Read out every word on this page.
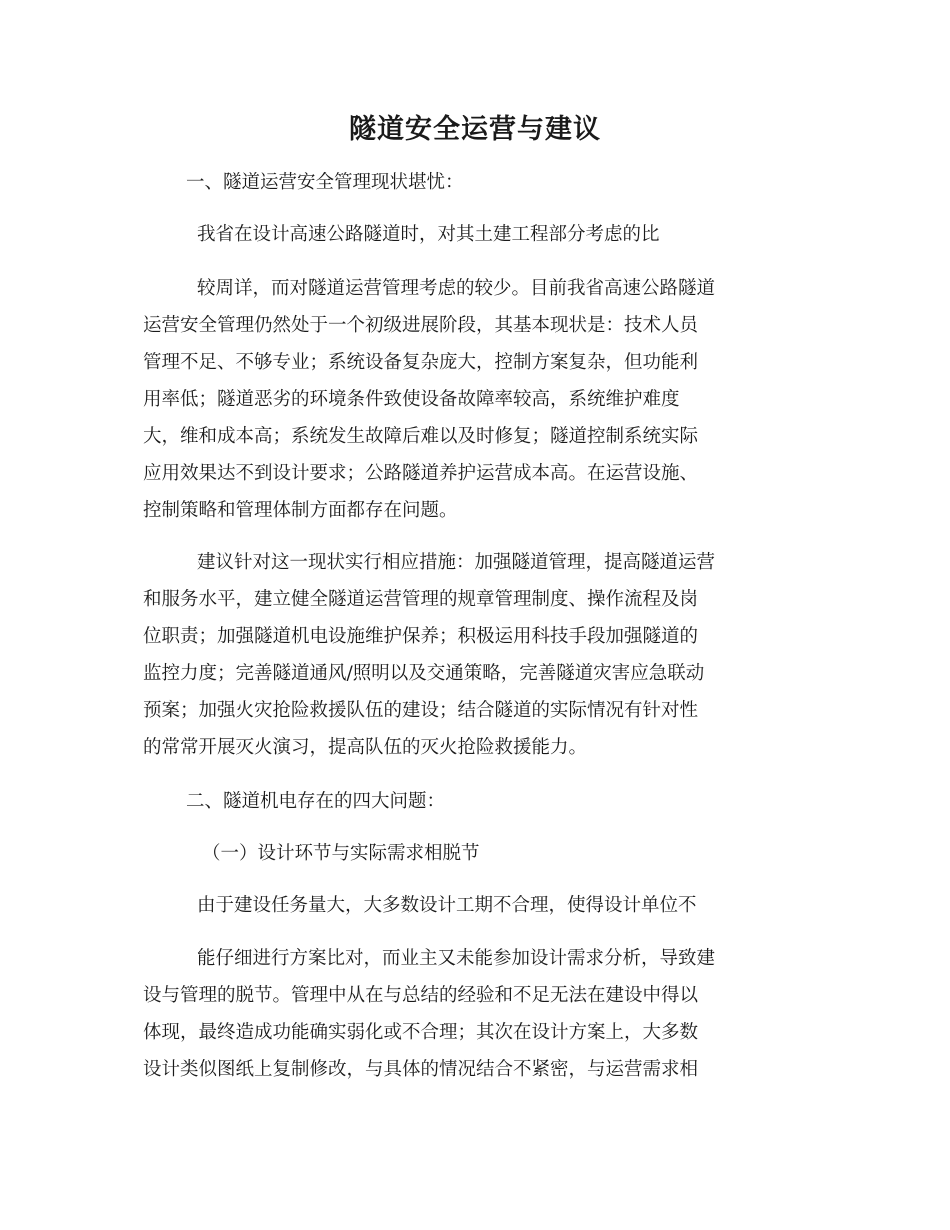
隧道安全运营与建议

一、隧道运营安全管理现状堪忧：

我省在设计高速公路隧道时，对其土建工程部分考虑的比

较周详，而对隧道运营管理考虑的较少。目前我省高速公路隧道

运营安全管理仍然处于一个初级进展阶段，其基本现状是：技术人员

管理不足、不够专业；系统设备复杂庞大，控制方案复杂，但功能利

用率低；隧道恶劣的环境条件致使设备故障率较高，系统维护难度

大，维和成本高；系统发生故障后难以及时修复；隧道控制系统实际

应用效果达不到设计要求；公路隧道养护运营成本高。在运营设施、

控制策略和管理体制方面都存在问题。

建议针对这一现状实行相应措施：加强隧道管理，提高隧道运营

和服务水平，建立健全隧道运营管理的规章管理制度、操作流程及岗

位职责；加强隧道机电设施维护保养；积极运用科技手段加强隧道的

监控力度；完善隧道通风/照明以及交通策略，完善隧道灾害应急联动

预案；加强火灾抢险救援队伍的建设；结合隧道的实际情况有针对性

的常常开展灭火演习，提高队伍的灭火抢险救援能力。

二、隧道机电存在的四大问题：

（一）设计环节与实际需求相脱节

由于建设任务量大，大多数设计工期不合理，使得设计单位不

能仔细进行方案比对，而业主又未能参加设计需求分析，导致建

设与管理的脱节。管理中从在与总结的经验和不足无法在建设中得以

体现，最终造成功能确实弱化或不合理；其次在设计方案上，大多数

设计类似图纸上复制修改，与具体的情况结合不紧密，与运营需求相
